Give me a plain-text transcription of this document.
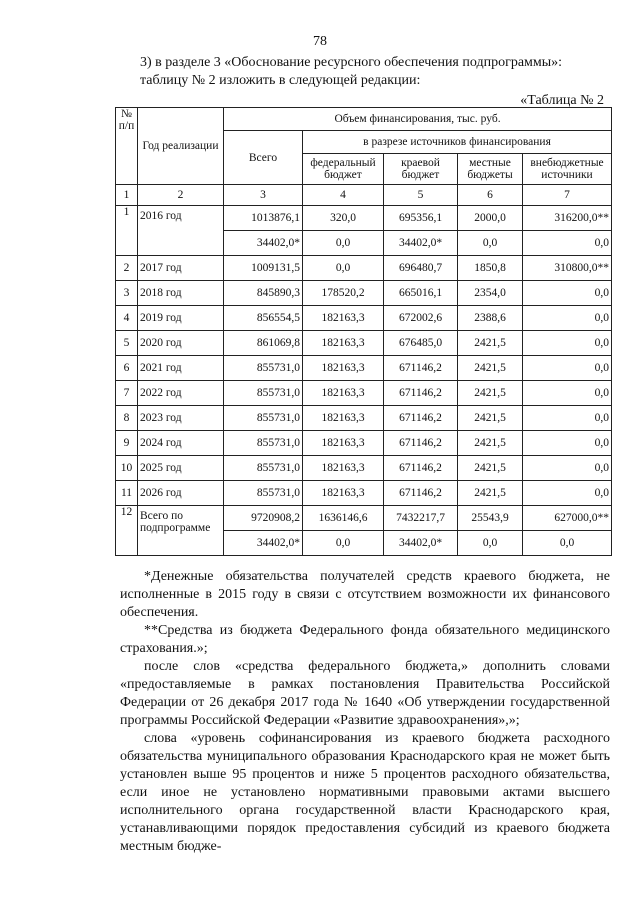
78
3) в разделе 3 «Обоснование ресурсного обеспечения подпрограммы»:
таблицу № 2 изложить в следующей редакции:
«Таблица № 2
№ п/п	Год реализации	Объем финансирования, тыс. руб.				
		Всего	в разрезе источников финансирования			
			федеральный бюджет	краевой бюджет	местные бюджеты	внебюджетные источники
1	2	3	4	5	6	7
1	2016 год	1013876,1	320,0	695356,1	2000,0	316200,0**
		34402,0*	0,0	34402,0*	0,0	0,0
2	2017 год	1009131,5	0,0	696480,7	1850,8	310800,0**
3	2018 год	845890,3	178520,2	665016,1	2354,0	0,0
4	2019 год	856554,5	182163,3	672002,6	2388,6	0,0
5	2020 год	861069,8	182163,3	676485,0	2421,5	0,0
6	2021 год	855731,0	182163,3	671146,2	2421,5	0,0
7	2022 год	855731,0	182163,3	671146,2	2421,5	0,0
8	2023 год	855731,0	182163,3	671146,2	2421,5	0,0
9	2024 год	855731,0	182163,3	671146,2	2421,5	0,0
10	2025 год	855731,0	182163,3	671146,2	2421,5	0,0
11	2026 год	855731,0	182163,3	671146,2	2421,5	0,0
12	Всего по подпрограмме	9720908,2	1636146,6	7432217,7	25543,9	627000,0**
		34402,0*	0,0	34402,0*	0,0	0,0

*Денежные обязательства получателей средств краевого бюджета, не исполненные в 2015 году в связи с отсутствием возможности их финансового обеспечения.

**Средства из бюджета Федерального фонда обязательного медицинского страхования.»;

после слов «средства федерального бюджета,» дополнить словами «предоставляемые в рамках постановления Правительства Российской Федерации от 26 декабря 2017 года № 1640 «Об утверждении государственной программы Российской Федерации «Развитие здравоохранения»,»;

слова «уровень софинансирования из краевого бюджета расходного обязательства муниципального образования Краснодарского края не может быть установлен выше 95 процентов и ниже 5 процентов расходного обязательства, если иное не установлено нормативными правовыми актами высшего исполнительного органа государственной власти Краснодарского края, устанавливающими порядок предоставления субсидий из краевого бюджета местным бюдже-
